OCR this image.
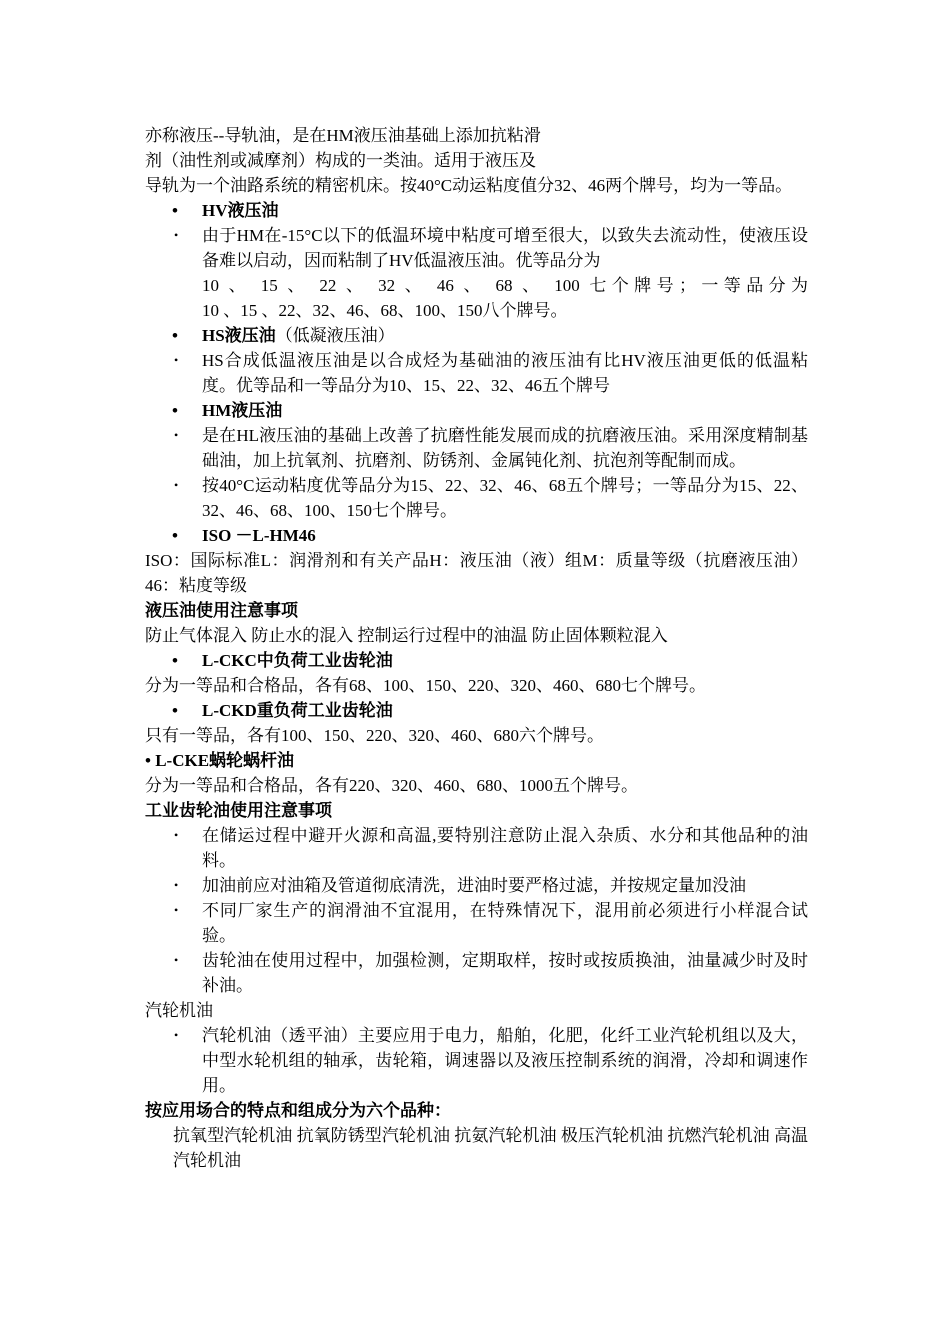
亦称液压--导轨油，是在HM液压油基础上添加抗粘滑

剂（油性剂或减摩剂）构成的一类油。适用于液压及

导轨为一个油路系统的精密机床。按40°C动运粘度值分32、46两个牌号，均为一等品。

• HV液压油
• 由于HM在-15°C以下的低温环境中粘度可增至很大，以致失去流动性，使液压设备难以启动，因而粘制了HV低温液压油。优等品分为
10 、 15 、 22 、 32 、 46 、 68 、 100 七个牌号；一等品分为
10 、15 、22、32、46、68、100、150八个牌号。
• HS液压油（低凝液压油）
• HS合成低温液压油是以合成烃为基础油的液压油有比HV液压油更低的低温粘度。优等品和一等品分为10、15、22、32、46五个牌号
• HM液压油
• 是在HL液压油的基础上改善了抗磨性能发展而成的抗磨液压油。采用深度精制基础油，加上抗氧剂、抗磨剂、防锈剂、金属钝化剂、抗泡剂等配制而成。
• 按40°C运动粘度优等品分为15、22、32、46、68五个牌号；一等品分为15、22、32、46、68、100、150七个牌号。
• ISO －L-HM46

ISO：国际标准L：润滑剂和有关产品H：液压油（液）组M：质量等级（抗磨液压油）46：粘度等级

液压油使用注意事项

防止气体混入 防止水的混入 控制运行过程中的油温 防止固体颗粒混入

• L-CKC中负荷工业齿轮油

分为一等品和合格品，各有68、100、150、220、320、460、680七个牌号。

• L-CKD重负荷工业齿轮油

只有一等品，各有100、150、220、320、460、680六个牌号。

• L-CKE蜗轮蜗杆油

分为一等品和合格品，各有220、320、460、680、1000五个牌号。

工业齿轮油使用注意事项

• 在储运过程中避开火源和高温,要特别注意防止混入杂质、水分和其他品种的油料。
• 加油前应对油箱及管道彻底清洗，进油时要严格过滤，并按规定量加没油
• 不同厂家生产的润滑油不宜混用，在特殊情况下，混用前必须进行小样混合试验。
• 齿轮油在使用过程中，加强检测，定期取样，按时或按质换油，油量减少时及时补油。

汽轮机油

• 汽轮机油（透平油）主要应用于电力，船舶，化肥，化纤工业汽轮机组以及大，中型水轮机组的轴承，齿轮箱，调速器以及液压控制系统的润滑，冷却和调速作用。

按应用场合的特点和组成分为六个品种：

抗氧型汽轮机油 抗氧防锈型汽轮机油 抗氨汽轮机油 极压汽轮机油 抗燃汽轮机油 高温汽轮机油
